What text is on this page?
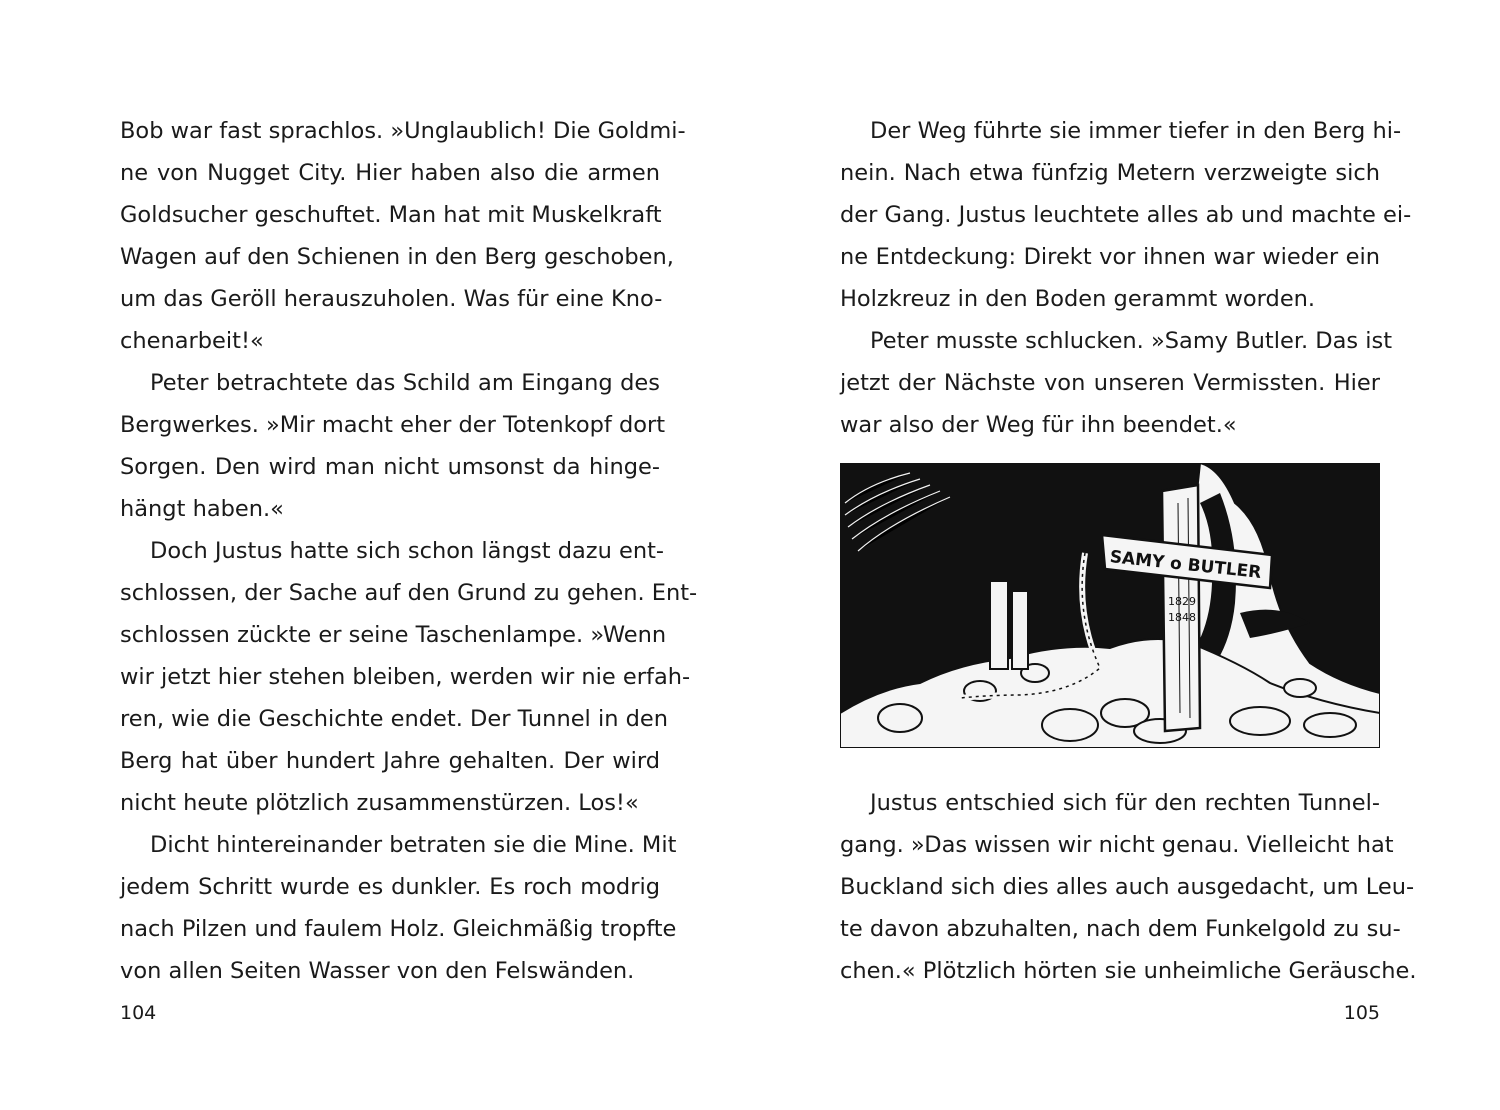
Bob war fast sprachlos. »Unglaublich! Die Goldmi-
ne von Nugget City. Hier haben also die armen
Goldsucher geschuftet. Man hat mit Muskelkraft
Wagen auf den Schienen in den Berg geschoben,
um das Geröll herauszuholen. Was für eine Kno-
chenarbeit!«
Peter betrachtete das Schild am Eingang des
Bergwerkes. »Mir macht eher der Totenkopf dort
Sorgen. Den wird man nicht umsonst da hinge-
hängt haben.«
Doch Justus hatte sich schon längst dazu ent-
schlossen, der Sache auf den Grund zu gehen. Ent-
schlossen zückte er seine Taschenlampe. »Wenn
wir jetzt hier stehen bleiben, werden wir nie erfah-
ren, wie die Geschichte endet. Der Tunnel in den
Berg hat über hundert Jahre gehalten. Der wird
nicht heute plötzlich zusammenstürzen. Los!«
Dicht hintereinander betraten sie die Mine. Mit
jedem Schritt wurde es dunkler. Es roch modrig
nach Pilzen und faulem Holz. Gleichmäßig tropfte
von allen Seiten Wasser von den Felswänden.
104
Der Weg führte sie immer tiefer in den Berg hi-
nein. Nach etwa fünfzig Metern verzweigte sich
der Gang. Justus leuchtete alles ab und machte ei-
ne Entdeckung: Direkt vor ihnen war wieder ein
Holzkreuz in den Boden gerammt worden.
Peter musste schlucken. »Samy Butler. Das ist
jetzt der Nächste von unseren Vermissten. Hier
war also der Weg für ihn beendet.«
SAMY o BUTLER
1829
1848
Justus entschied sich für den rechten Tunnel-
gang. »Das wissen wir nicht genau. Vielleicht hat
Buckland sich dies alles auch ausgedacht, um Leu-
te davon abzuhalten, nach dem Funkelgold zu su-
chen.« Plötzlich hörten sie unheimliche Geräusche.
105
